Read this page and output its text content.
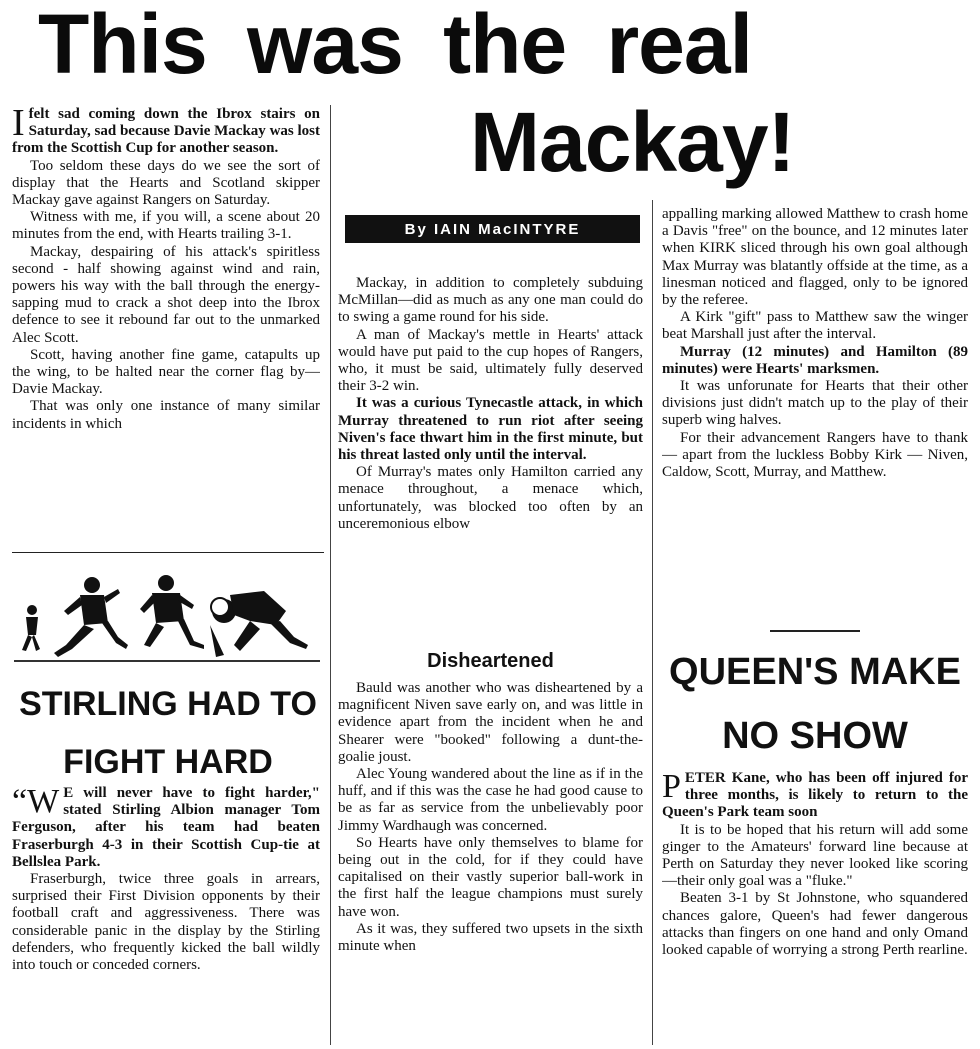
This was the real
Mackay!

Ifelt sad coming down the Ibrox stairs on Saturday, sad because Davie Mackay was lost from the Scottish Cup for another season.

Too seldom these days do we see the sort of display that the Hearts and Scotland skipper Mackay gave against Rangers on Saturday.

Witness with me, if you will, a scene about 20 minutes from the end, with Hearts trailing 3-1.

Mackay, despairing of his attack's spiritless second - half showing against wind and rain, powers his way with the ball through the energy-sapping mud to crack a shot deep into the Ibrox defence to see it rebound far out to the unmarked Alec Scott.

Scott, having another fine game, catapults up the wing, to be halted near the corner flag by—Davie Mackay.

That was only one instance of many similar incidents in which

STIRLING HAD TO
FIGHT HARD

“W E will never have to fight harder," stated Stirling Albion manager Tom Ferguson, after his team had beaten Fraserburgh 4-3 in their Scottish Cup-tie at Bellslea Park.

Fraserburgh, twice three goals in arrears, surprised their First Division opponents by their football craft and aggressiveness. There was considerable panic in the display by the Stirling defenders, who frequently kicked the ball wildly into touch or conceded corners.

By IAIN MacINTYRE

Mackay, in addition to completely subduing McMillan—did as much as any one man could do to swing a game round for his side.

A man of Mackay's mettle in Hearts' attack would have put paid to the cup hopes of Rangers, who, it must be said, ultimately fully deserved their 3-2 win.

It was a curious Tynecastle attack, in which Murray threatened to run riot after seeing Niven's face thwart him in the first minute, but his threat lasted only until the interval.

Of Murray's mates only Hamilton carried any menace throughout, a menace which, unfortunately, was blocked too often by an unceremonious elbow

Disheartened

Bauld was another who was disheartened by a magnificent Niven save early on, and was little in evidence apart from the incident when he and Shearer were "booked" following a dunt-the-goalie joust.

Alec Young wandered about the line as if in the huff, and if this was the case he had good cause to be as far as service from the unbelievably poor Jimmy Wardhaugh was concerned.

So Hearts have only themselves to blame for being out in the cold, for if they could have capitalised on their vastly superior ball-work in the first half the league champions must surely have won.

As it was, they suffered two upsets in the sixth minute when

appalling marking allowed Matthew to crash home a Davis "free" on the bounce, and 12 minutes later when KIRK sliced through his own goal although Max Murray was blatantly offside at the time, as a linesman noticed and flagged, only to be ignored by the referee.

A Kirk "gift" pass to Matthew saw the winger beat Marshall just after the interval.

Murray (12 minutes) and Hamilton (89 minutes) were Hearts' marksmen.

It was unforunate for Hearts that their other divisions just didn't match up to the play of their superb wing halves.

For their advancement Rangers have to thank — apart from the luckless Bobby Kirk — Niven, Caldow, Scott, Murray, and Matthew.

QUEEN'S MAKE
NO SHOW

PETER Kane, who has been off injured for three months, is likely to return to the Queen's Park team soon

It is to be hoped that his return will add some ginger to the Amateurs' forward line because at Perth on Saturday they never looked like scoring—their only goal was a "fluke."

Beaten 3-1 by St Johnstone, who squandered chances galore, Queen's had fewer dangerous attacks than fingers on one hand and only Omand looked capable of worrying a strong Perth rearline.
